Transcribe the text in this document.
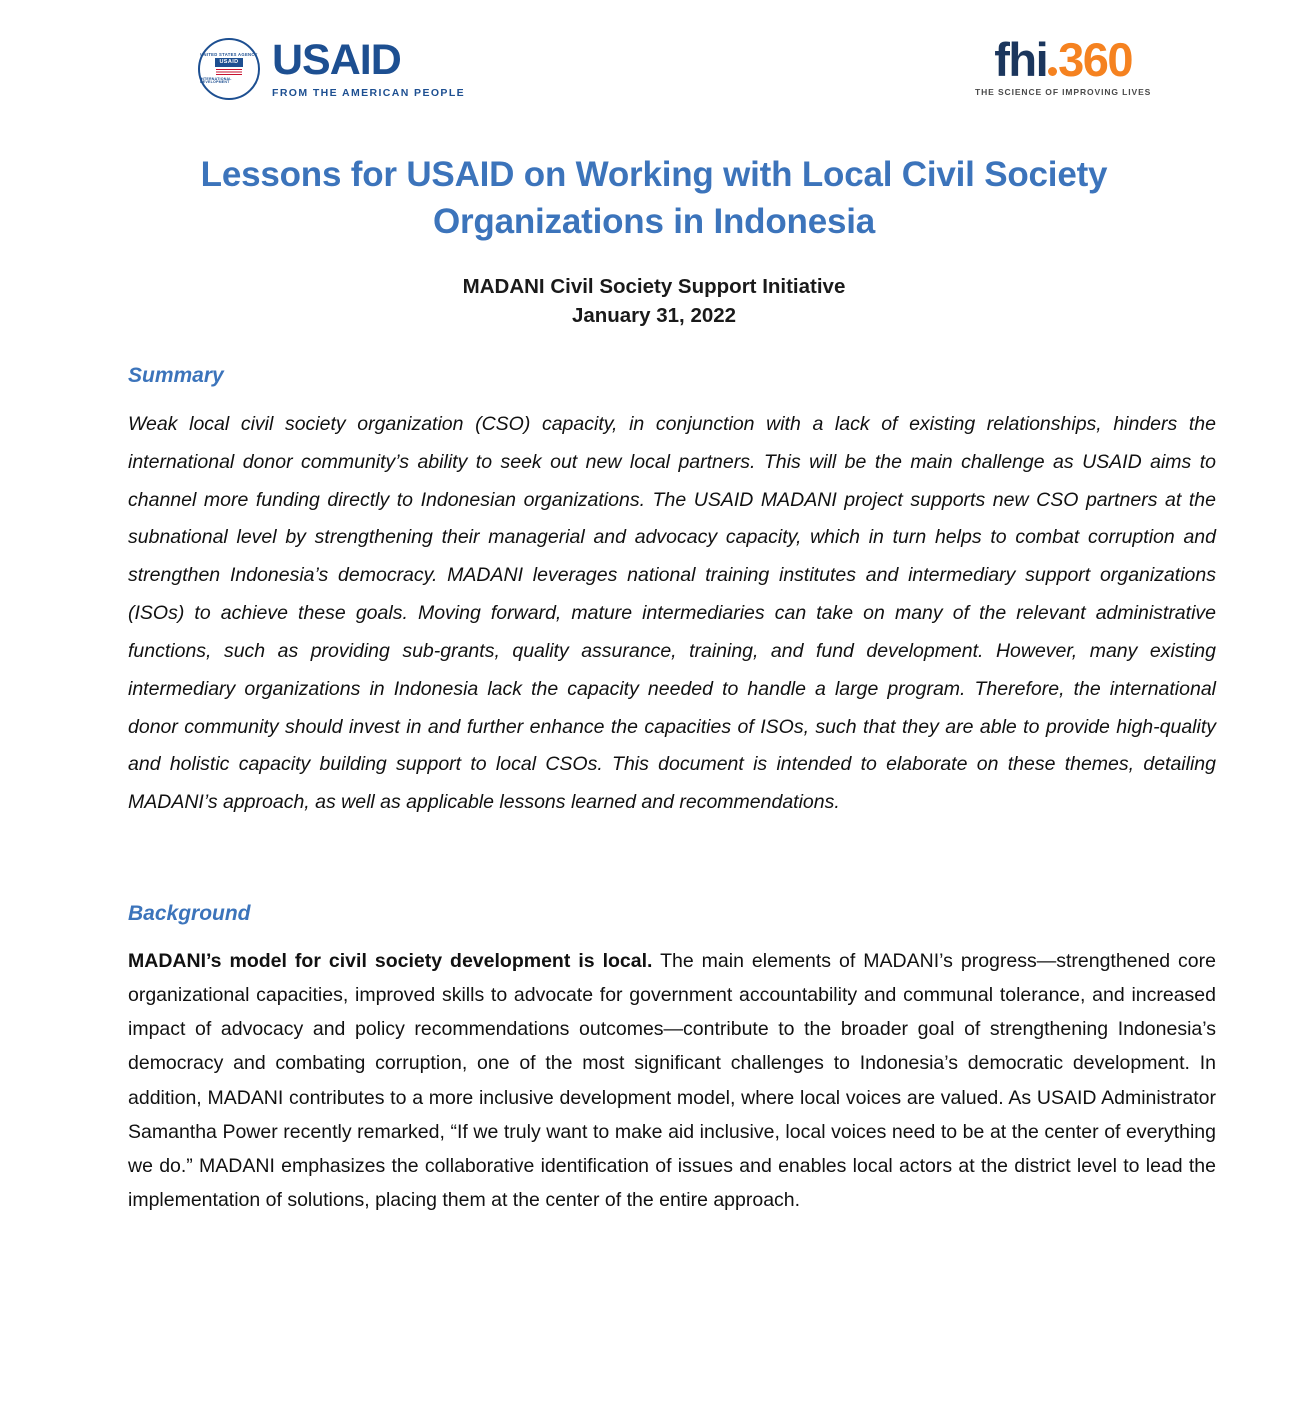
UNITED STATES AGENCY
USAID
INTERNATIONAL DEVELOPMENT USAID
FROM THE AMERICAN PEOPLE
fhi 360
THE SCIENCE OF IMPROVING LIVES
Lessons for USAID on Working with Local Civil Society Organizations in Indonesia
MADANI Civil Society Support Initiative
January 31, 2022
Summary

Weak local civil society organization (CSO) capacity, in conjunction with a lack of existing relationships, hinders the international donor community’s ability to seek out new local partners. This will be the main challenge as USAID aims to channel more funding directly to Indonesian organizations. The USAID MADANI project supports new CSO partners at the subnational level by strengthening their managerial and advocacy capacity, which in turn helps to combat corruption and strengthen Indonesia’s democracy. MADANI leverages national training institutes and intermediary support organizations (ISOs) to achieve these goals. Moving forward, mature intermediaries can take on many of the relevant administrative functions, such as providing sub-grants, quality assurance, training, and fund development. However, many existing intermediary organizations in Indonesia lack the capacity needed to handle a large program. Therefore, the international donor community should invest in and further enhance the capacities of ISOs, such that they are able to provide high-quality and holistic capacity building support to local CSOs. This document is intended to elaborate on these themes, detailing MADANI’s approach, as well as applicable lessons learned and recommendations.

Background

MADANI’s model for civil society development is local. The main elements of MADANI’s progress—strengthened core organizational capacities, improved skills to advocate for government accountability and communal tolerance, and increased impact of advocacy and policy recommendations outcomes—contribute to the broader goal of strengthening Indonesia’s democracy and combating corruption, one of the most significant challenges to Indonesia’s democratic development. In addition, MADANI contributes to a more inclusive development model, where local voices are valued. As USAID Administrator Samantha Power recently remarked, “If we truly want to make aid inclusive, local voices need to be at the center of everything we do.” MADANI emphasizes the collaborative identification of issues and enables local actors at the district level to lead the implementation of solutions, placing them at the center of the entire approach.
